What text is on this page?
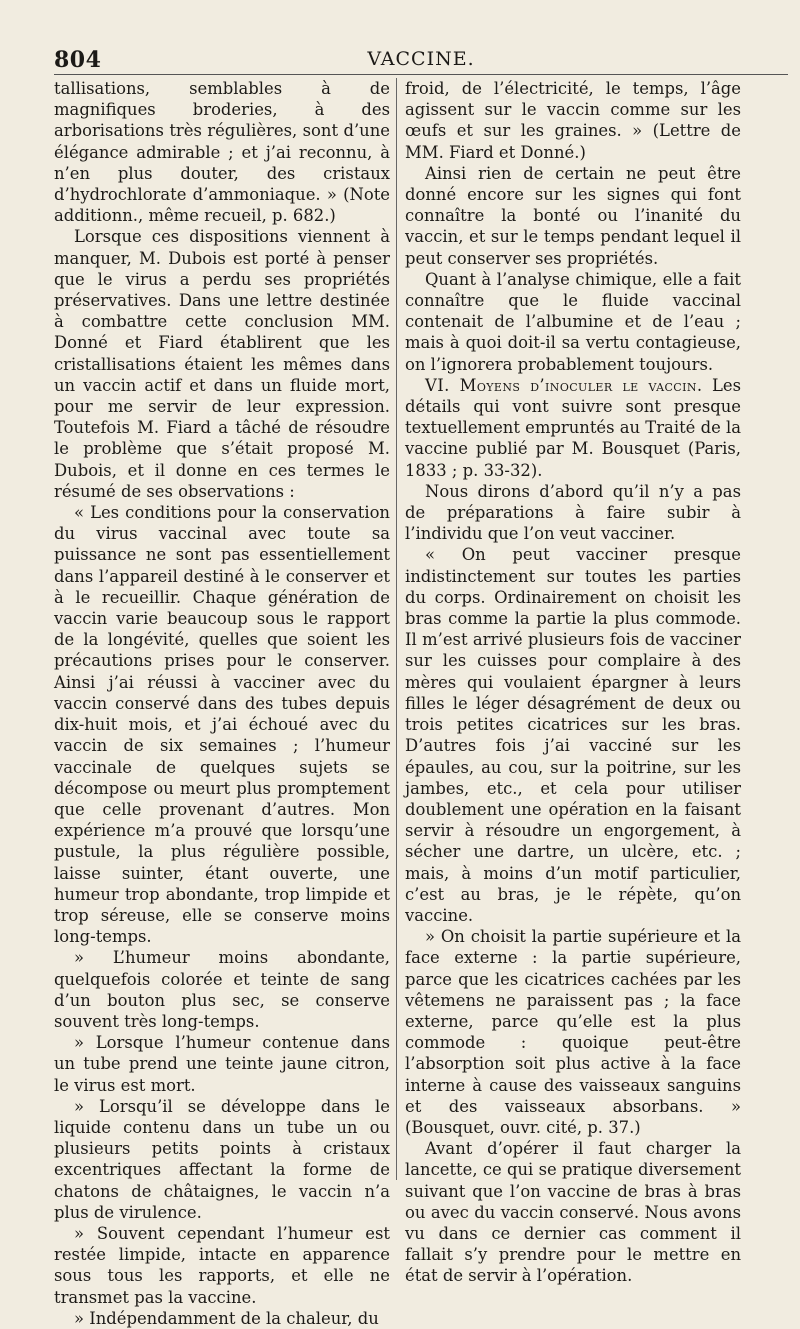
804	VACCINE.

tallisations, semblables à de magnifiques broderies, à des arborisations très régulières, sont d’une élégance admirable ; et j’ai reconnu, à n’en plus douter, des cristaux d’hydrochlorate d’ammoniaque. » (Note additionn., même recueil, p. 682.)

Lorsque ces dispositions viennent à manquer, M. Dubois est porté à penser que le virus a perdu ses propriétés préservatives. Dans une lettre destinée à combattre cette conclusion MM. Donné et Fiard établirent que les cristallisations étaient les mêmes dans un vaccin actif et dans un fluide mort, pour me servir de leur expression. Toutefois M. Fiard a tâché de résoudre le problème que s’était proposé M. Dubois, et il donne en ces termes le résumé de ses observations :

« Les conditions pour la conservation du virus vaccinal avec toute sa puissance ne sont pas essentiellement dans l’appareil destiné à le conserver et à le recueillir. Chaque génération de vaccin varie beaucoup sous le rapport de la longévité, quelles que soient les précautions prises pour le conserver. Ainsi j’ai réussi à vacciner avec du vaccin conservé dans des tubes depuis dix-huit mois, et j’ai échoué avec du vaccin de six semaines ; l’humeur vaccinale de quelques sujets se décompose ou meurt plus promptement que celle provenant d’autres. Mon expérience m’a prouvé que lorsqu’une pustule, la plus régulière possible, laisse suinter, étant ouverte, une humeur trop abondante, trop limpide et trop séreuse, elle se conserve moins long-temps.

» L’humeur moins abondante, quelquefois colorée et teinte de sang d’un bouton plus sec, se conserve souvent très long-temps.

» Lorsque l’humeur contenue dans un tube prend une teinte jaune citron, le virus est mort.

» Lorsqu’il se développe dans le liquide contenu dans un tube un ou plusieurs petits points à cristaux excentriques affectant la forme de chatons de châtaignes, le vaccin n’a plus de virulence.

» Souvent cependant l’humeur est restée limpide, intacte en apparence sous tous les rapports, et elle ne transmet pas la vaccine.

» Indépendamment de la chaleur, du

froid, de l’électricité, le temps, l’âge agissent sur le vaccin comme sur les œufs et sur les graines. » (Lettre de MM. Fiard et Donné.)

Ainsi rien de certain ne peut être donné encore sur les signes qui font connaître la bonté ou l’inanité du vaccin, et sur le temps pendant lequel il peut conserver ses propriétés.

Quant à l’analyse chimique, elle a fait connaître que le fluide vaccinal contenait de l’albumine et de l’eau ; mais à quoi doit-il sa vertu contagieuse, on l’ignorera probablement toujours.

VI. Moyens d’inoculer le vaccin. Les détails qui vont suivre sont presque textuellement empruntés au Traité de la vaccine publié par M. Bousquet (Paris, 1833 ; p. 33-32).

Nous dirons d’abord qu’il n’y a pas de préparations à faire subir à l’individu que l’on veut vacciner.

« On peut vacciner presque indistinctement sur toutes les parties du corps. Ordinairement on choisit les bras comme la partie la plus commode. Il m’est arrivé plusieurs fois de vacciner sur les cuisses pour complaire à des mères qui voulaient épargner à leurs filles le léger désagrément de deux ou trois petites cicatrices sur les bras. D’autres fois j’ai vacciné sur les épaules, au cou, sur la poitrine, sur les jambes, etc., et cela pour utiliser doublement une opération en la faisant servir à résoudre un engorgement, à sécher une dartre, un ulcère, etc. ; mais, à moins d’un motif particulier, c’est au bras, je le répète, qu’on vaccine.

» On choisit la partie supérieure et la face externe : la partie supérieure, parce que les cicatrices cachées par les vêtemens ne paraissent pas ; la face externe, parce qu’elle est la plus commode : quoique peut-être l’absorption soit plus active à la face interne à cause des vaisseaux sanguins et des vaisseaux absorbans. » (Bousquet, ouvr. cité, p. 37.)

Avant d’opérer il faut charger la lancette, ce qui se pratique diversement suivant que l’on vaccine de bras à bras ou avec du vaccin conservé. Nous avons vu dans ce dernier cas comment il fallait s’y prendre pour le mettre en état de servir à l’opération.
